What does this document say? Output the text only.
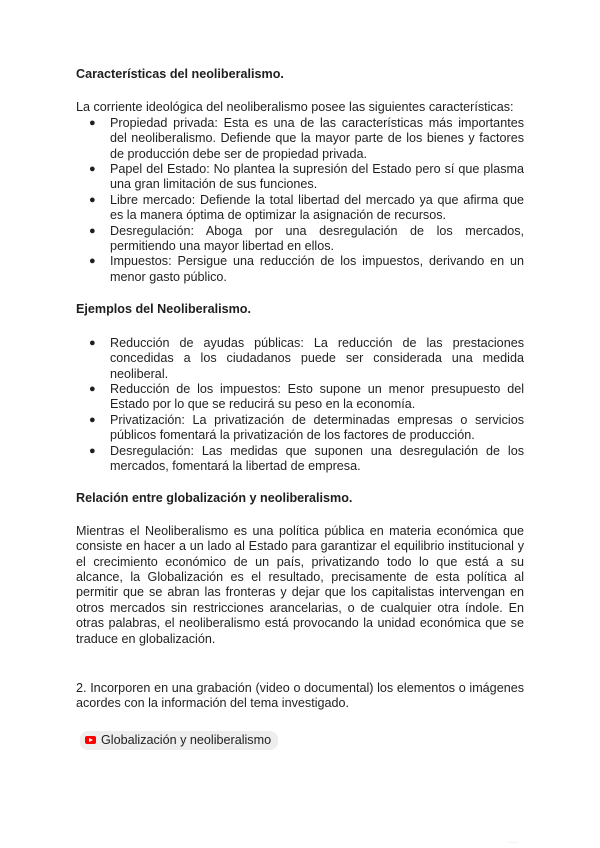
Características del neoliberalismo.

La corriente ideológica del neoliberalismo posee las siguientes características:

● Propiedad privada: Esta es una de las características más importantes del neoliberalismo. Defiende que la mayor parte de los bienes y factores de producción debe ser de propiedad privada.
● Papel del Estado: No plantea la supresión del Estado pero sí que plasma una gran limitación de sus funciones.
● Libre mercado: Defiende la total libertad del mercado ya que afirma que es la manera óptima de optimizar la asignación de recursos.
● Desregulación: Aboga por una desregulación de los mercados, permitiendo una mayor libertad en ellos.
● Impuestos: Persigue una reducción de los impuestos, derivando en un menor gasto público.

Ejemplos del Neoliberalismo.

● Reducción de ayudas públicas: La reducción de las prestaciones concedidas a los ciudadanos puede ser considerada una medida neoliberal.
● Reducción de los impuestos: Esto supone un menor presupuesto del Estado por lo que se reducirá su peso en la economía.
● Privatización: La privatización de determinadas empresas o servicios públicos fomentará la privatización de los factores de producción.
● Desregulación: Las medidas que suponen una desregulación de los mercados, fomentará la libertad de empresa.

Relación entre globalización y neoliberalismo.

Mientras el Neoliberalismo es una política pública en materia económica que consiste en hacer a un lado al Estado para garantizar el equilibrio institucional y el crecimiento económico de un país, privatizando todo lo que está a su alcance, la Globalización es el resultado, precisamente de esta política al permitir que se abran las fronteras y dejar que los capitalistas intervengan en otros mercados sin restricciones arancelarias, o de cualquier otra índole. En otras palabras, el neoliberalismo está provocando la unidad económica que se traduce en globalización.

2. Incorporen en una grabación (video o documental) los elementos o imágenes acordes con la información del tema investigado.

Globalización y neoliberalismo
·····
